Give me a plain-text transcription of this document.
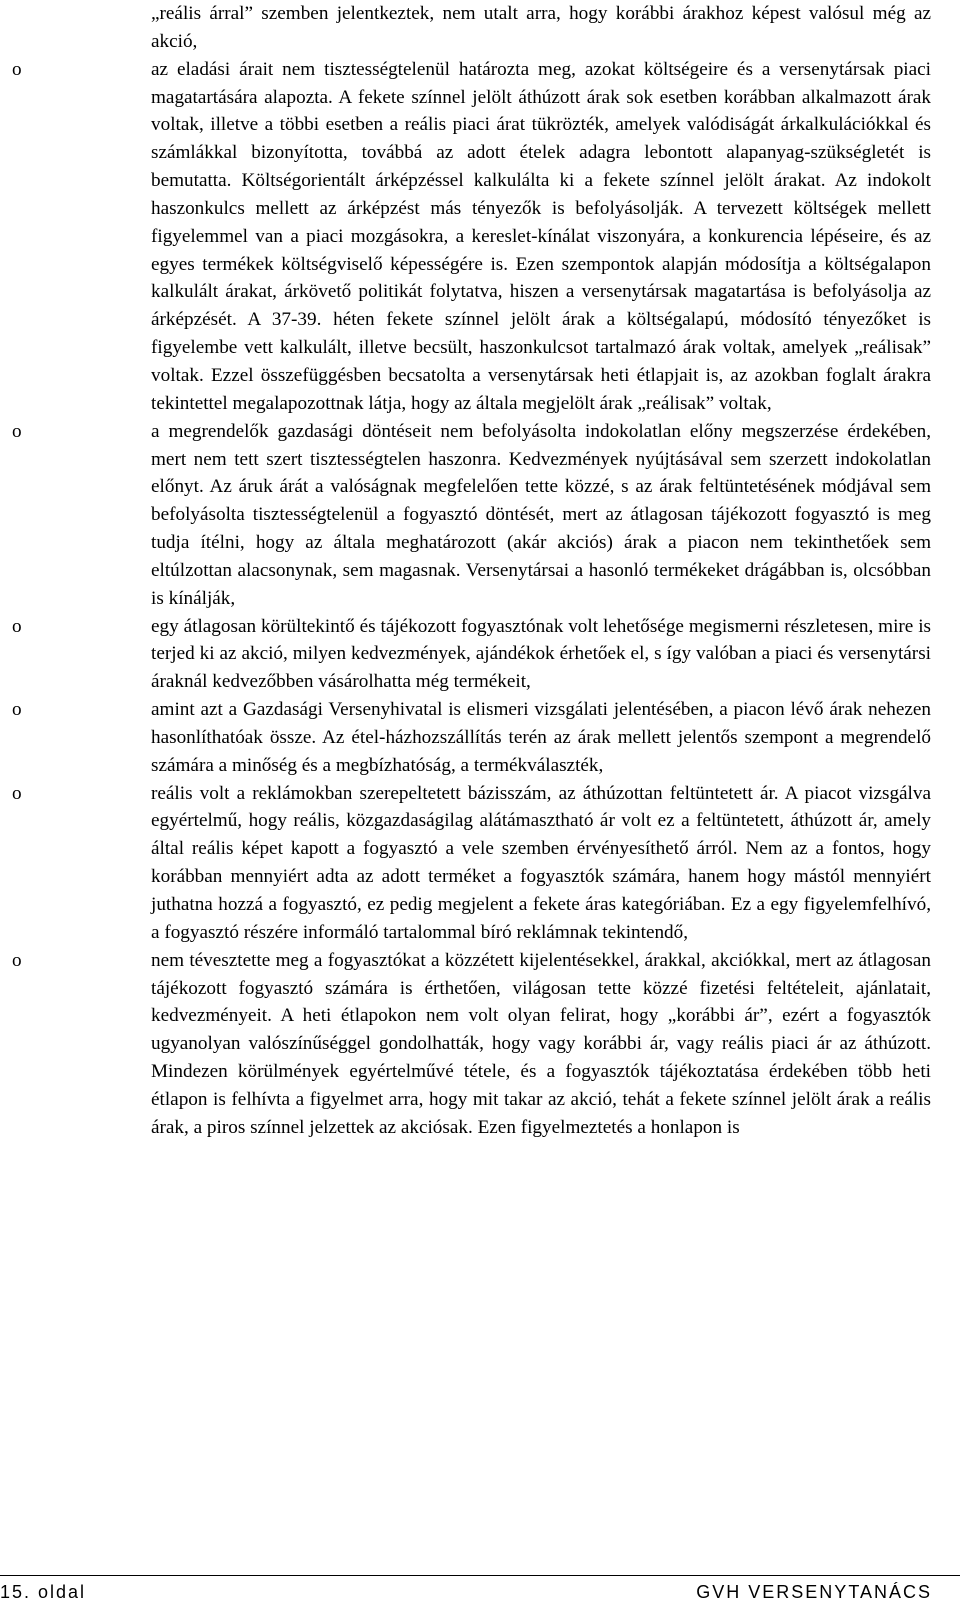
„reális árral” szemben jelentkeztek, nem utalt arra, hogy korábbi árakhoz képest valósul még az akció,
o	az eladási árait nem tisztességtelenül határozta meg, azokat költségeire és a versenytársak piaci magatartására alapozta. A fekete színnel jelölt áthúzott árak sok esetben korábban alkalmazott árak voltak, illetve a többi esetben a reális piaci árat tükrözték, amelyek valódiságát árkalkulációkkal és számlákkal bizonyította, továbbá az adott ételek adagra lebontott alapanyag-szükségletét is bemutatta. Költségorientált árképzéssel kalkulálta ki a fekete színnel jelölt árakat. Az indokolt haszonkulcs mellett az árképzést más tényezők is befolyásolják. A tervezett költségek mellett figyelemmel van a piaci mozgásokra, a kereslet-kínálat viszonyára, a konkurencia lépéseire, és az egyes termékek költségviselő képességére is. Ezen szempontok alapján módosítja a költségalapon kalkulált árakat, árkövető politikát folytatva, hiszen a versenytársak magatartása is befolyásolja az árképzését. A 37-39. héten fekete színnel jelölt árak a költségalapú, módosító tényezőket is figyelembe vett kalkulált, illetve becsült, haszonkulcsot tartalmazó árak voltak, amelyek „reálisak” voltak. Ezzel összefüggésben becsatolta a versenytársak heti étlapjait is, az azokban foglalt árakra tekintettel megalapozottnak látja, hogy az általa megjelölt árak „reálisak” voltak,
o	a megrendelők gazdasági döntéseit nem befolyásolta indokolatlan előny megszerzése érdekében, mert nem tett szert tisztességtelen haszonra. Kedvezmények nyújtásával sem szerzett indokolatlan előnyt. Az áruk árát a valóságnak megfelelően tette közzé, s az árak feltüntetésének módjával sem befolyásolta tisztességtelenül a fogyasztó döntését, mert az átlagosan tájékozott fogyasztó is meg tudja ítélni, hogy az általa meghatározott (akár akciós) árak a piacon nem tekinthetőek sem eltúlzottan alacsonynak, sem magasnak. Versenytársai a hasonló termékeket drágábban is, olcsóbban is kínálják,
o	egy átlagosan körültekintő és tájékozott fogyasztónak volt lehetősége megismerni részletesen, mire is terjed ki az akció, milyen kedvezmények, ajándékok érhetőek el, s így valóban a piaci és versenytársi áraknál kedvezőbben vásárolhatta még termékeit,
o	amint azt a Gazdasági Versenyhivatal is elismeri vizsgálati jelentésében, a piacon lévő árak nehezen hasonlíthatóak össze. Az étel-házhozszállítás terén az árak mellett jelentős szempont a megrendelő számára a minőség és a megbízhatóság, a termékválaszték,
o	reális volt a reklámokban szerepeltetett bázisszám, az áthúzottan feltüntetett ár. A piacot vizsgálva egyértelmű, hogy reális, közgazdaságilag alátámasztható ár volt ez a feltüntetett, áthúzott ár, amely által reális képet kapott a fogyasztó a vele szemben érvényesíthető árról. Nem az a fontos, hogy korábban mennyiért adta az adott terméket a fogyasztók számára, hanem hogy mástól mennyiért juthatna hozzá a fogyasztó, ez pedig megjelent a fekete áras kategóriában. Ez a egy figyelemfelhívó, a fogyasztó részére informáló tartalommal bíró reklámnak tekintendő,
o	nem tévesztette meg a fogyasztókat a közzétett kijelentésekkel, árakkal, akciókkal, mert az átlagosan tájékozott fogyasztó számára is érthetően, világosan tette közzé fizetési feltételeit, ajánlatait, kedvezményeit. A heti étlapokon nem volt olyan felirat, hogy „korábbi ár”, ezért a fogyasztók ugyanolyan valószínűséggel gondolhatták, hogy vagy korábbi ár, vagy reális piaci ár az áthúzott. Mindezen körülmények egyértelművé tétele, és a fogyasztók tájékoztatása érdekében több heti étlapon is felhívta a figyelmet arra, hogy mit takar az akció, tehát a fekete színnel jelölt árak a reális árak, a piros színnel jelzettek az akciósak. Ezen figyelmeztetés a honlapon is
15. oldal	GVH VERSENYTANÁCS
